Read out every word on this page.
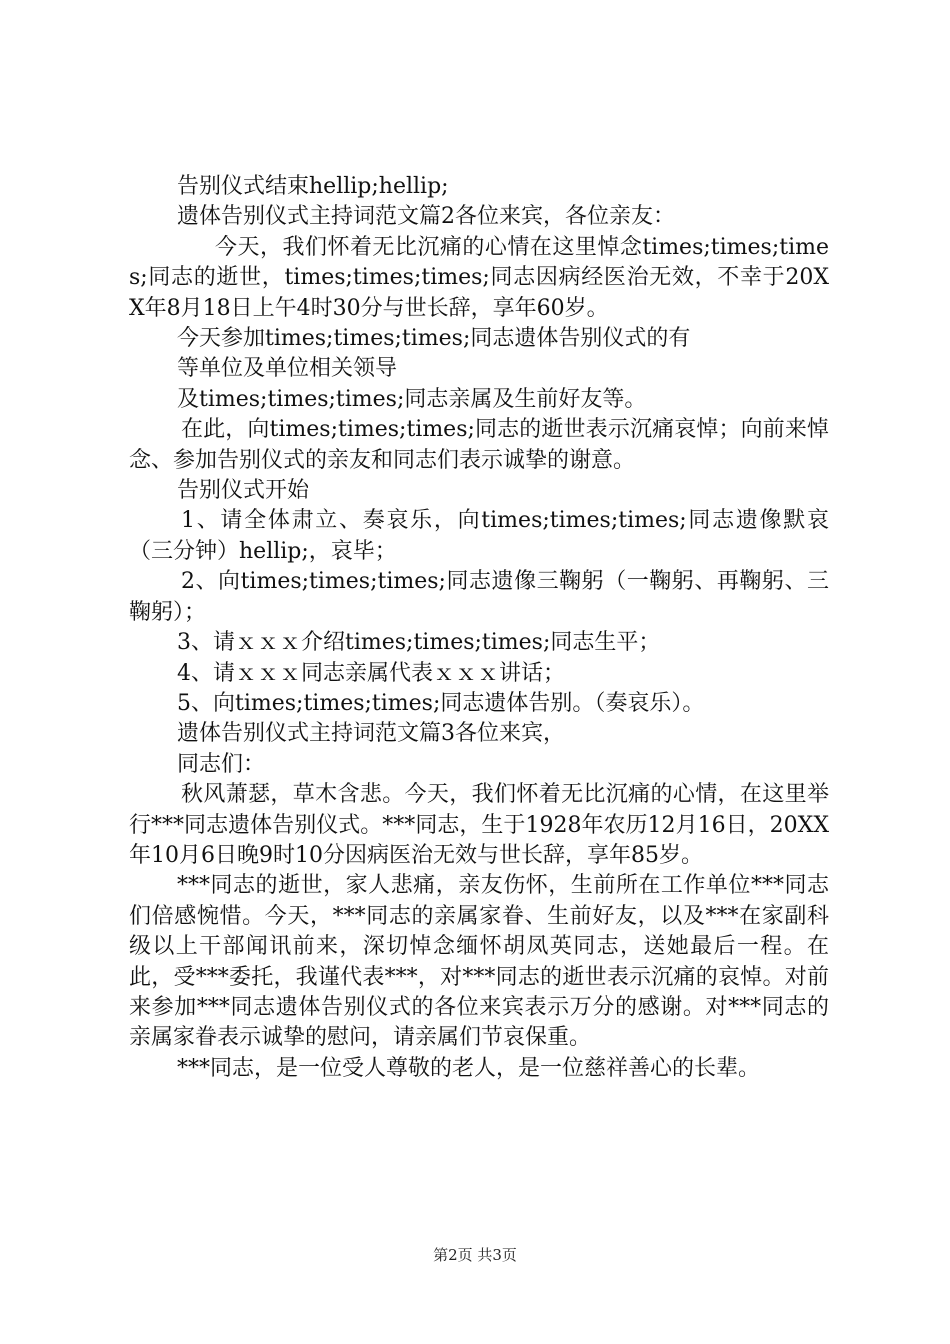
告别仪式结束hellip;hellip;

遗体告别仪式主持词范文篇2各位来宾，各位亲友：

今天，我们怀着无比沉痛的心情在这里悼念times;times;times;同志的逝世，times;times;times;同志因病经医治无效，不幸于20XX年8月18日上午4时30分与世长辞，享年60岁。

今天参加times;times;times;同志遗体告别仪式的有

等单位及单位相关领导

及times;times;times;同志亲属及生前好友等。

在此，向times;times;times;同志的逝世表示沉痛哀悼；向前来悼念、参加告别仪式的亲友和同志们表示诚挚的谢意。

告别仪式开始

1、请全体肃立、奏哀乐，向times;times;times;同志遗像默哀（三分钟）hellip;，哀毕；

2、向times;times;times;同志遗像三鞠躬（一鞠躬、再鞠躬、三鞠躬）；

3、请ｘｘｘ介绍times;times;times;同志生平；

4、请ｘｘｘ同志亲属代表ｘｘｘ讲话；

5、向times;times;times;同志遗体告别。（奏哀乐）。

遗体告别仪式主持词范文篇3各位来宾，

同志们：

秋风萧瑟，草木含悲。今天，我们怀着无比沉痛的心情，在这里举行***同志遗体告别仪式。***同志，生于1928年农历12月16日，20XX年10月6日晚9时10分因病医治无效与世长辞，享年85岁。

***同志的逝世，家人悲痛，亲友伤怀，生前所在工作单位***同志们倍感惋惜。今天，***同志的亲属家眷、生前好友，以及***在家副科级以上干部闻讯前来，深切悼念缅怀胡凤英同志，送她最后一程。在此，受***委托，我谨代表***，对***同志的逝世表示沉痛的哀悼。对前来参加***同志遗体告别仪式的各位来宾表示万分的感谢。对***同志的亲属家眷表示诚挚的慰问，请亲属们节哀保重。

***同志，是一位受人尊敬的老人，是一位慈祥善心的长辈。

第2页 共3页
